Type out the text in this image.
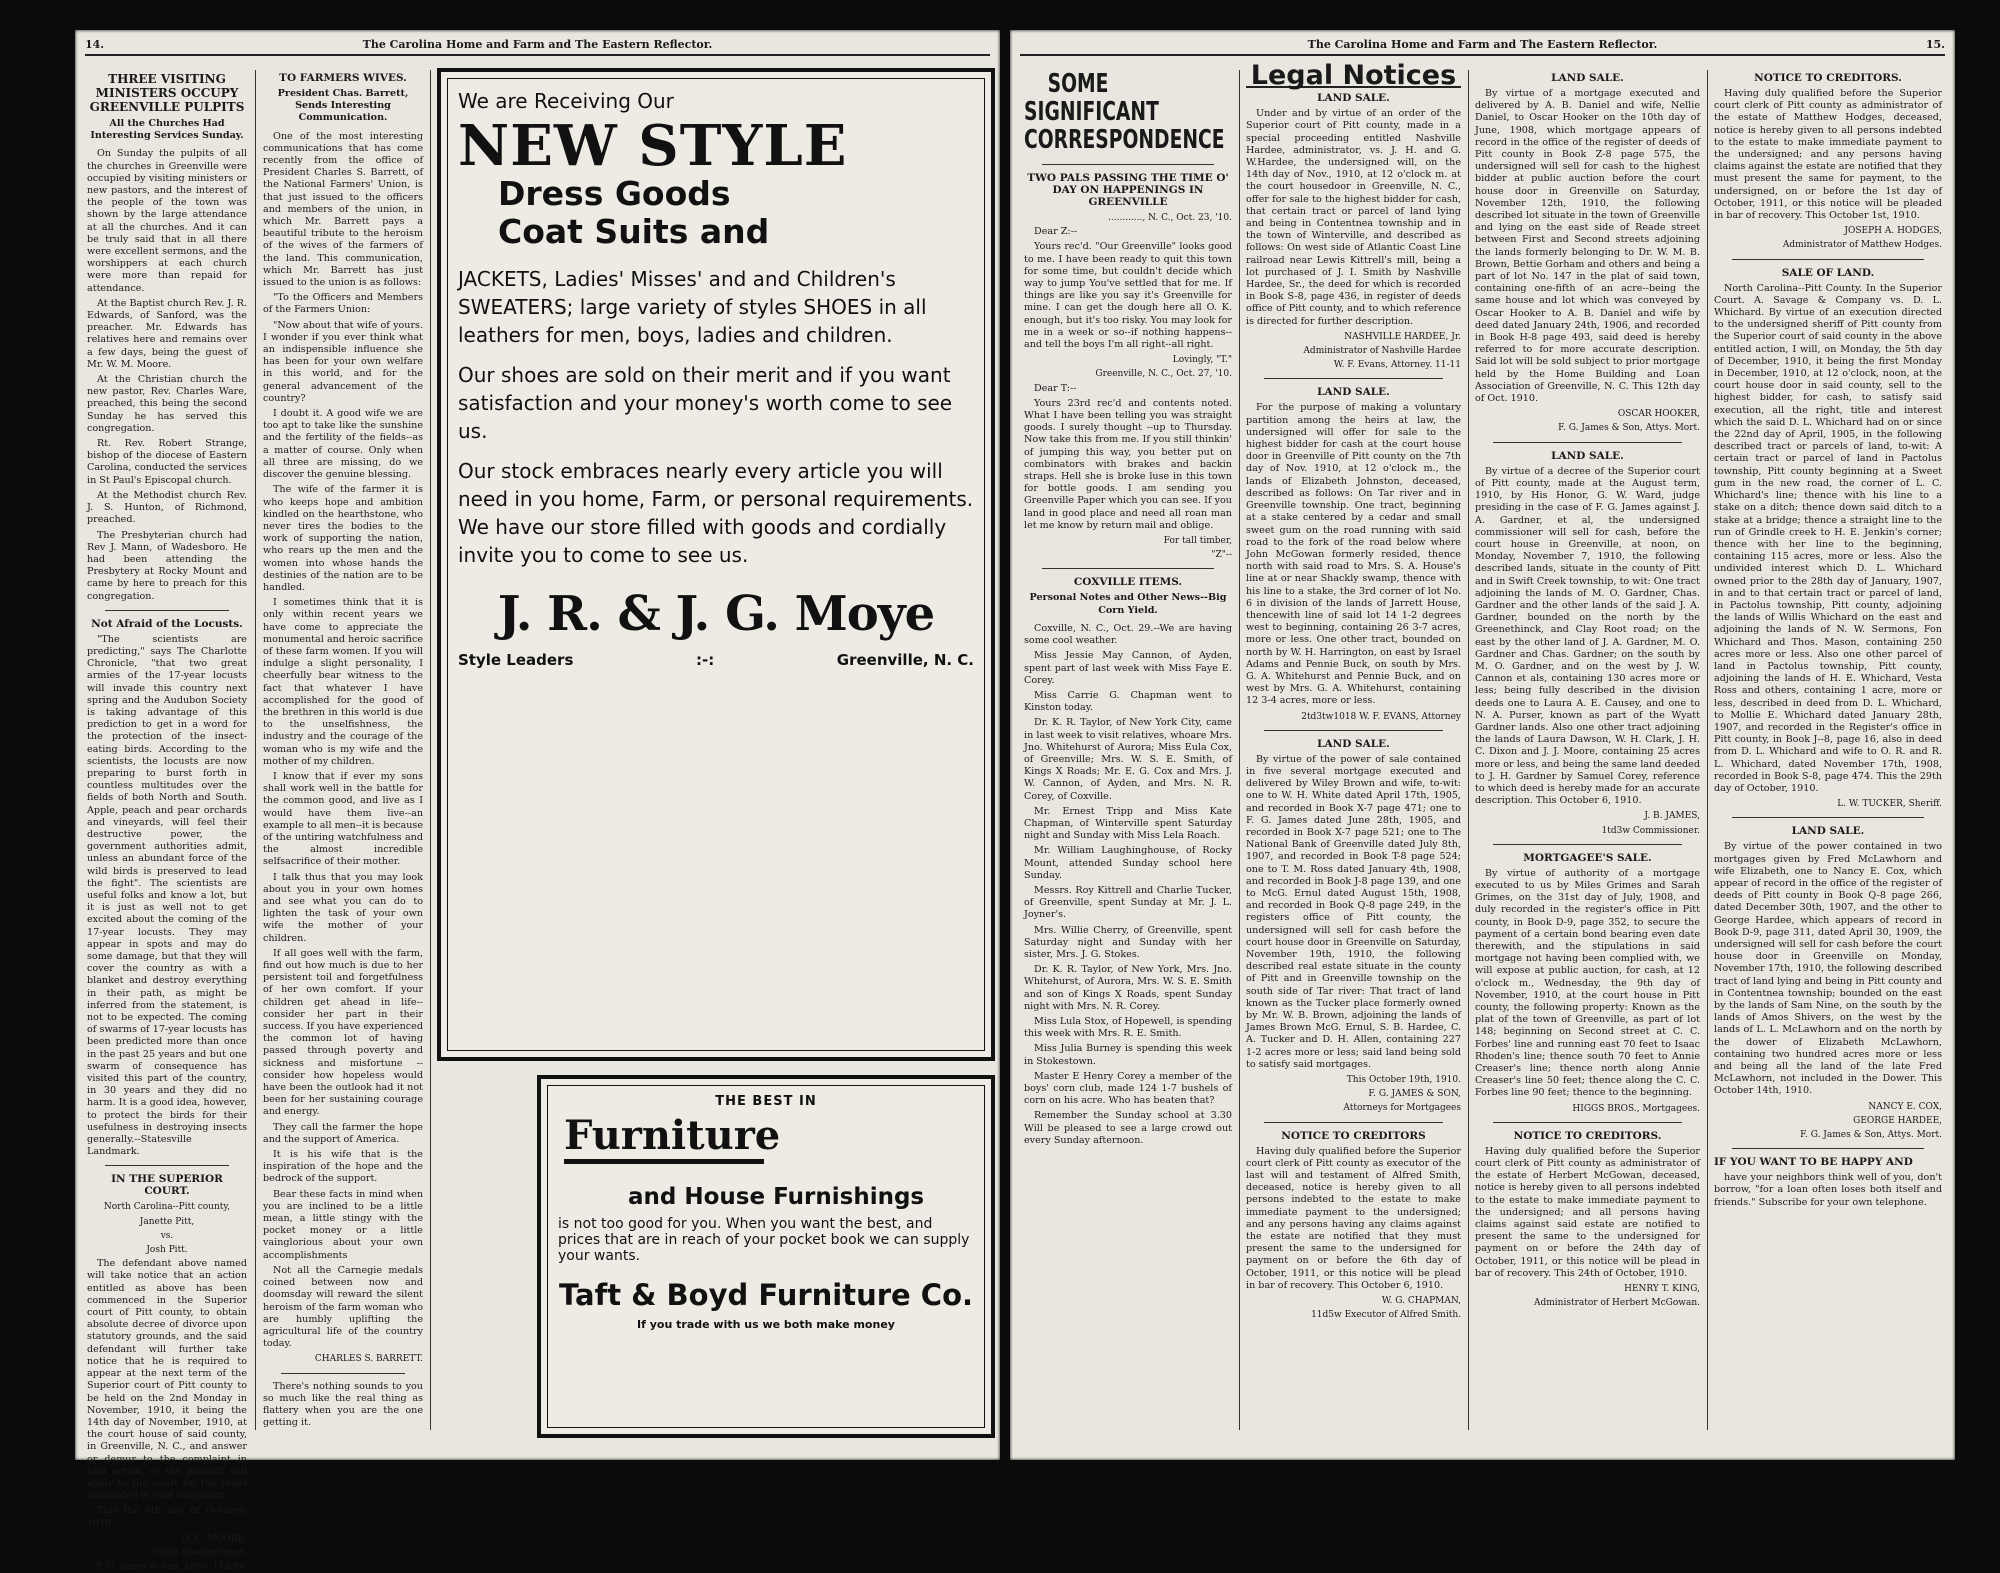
14.	The Carolina Home and Farm and The Eastern Reflector.
THREE VISITING MINISTERS OCCUPY GREENVILLE PULPITS
All the Churches Had Interesting Services Sunday.

On Sunday the pulpits of all the churches in Greenville were occupied by visiting ministers or new pastors, and the interest of the people of the town was shown by the large attendance at all the churches. And it can be truly said that in all there were excellent sermons, and the worshippers at each church were more than repaid for attendance.

At the Baptist church Rev. J. R. Edwards, of Sanford, was the preacher. Mr. Edwards has relatives here and remains over a few days, being the guest of Mr. W. M. Moore.

At the Christian church the new pastor, Rev. Charles Ware, preached, this being the second Sunday he has served this congregation.

Rt. Rev. Robert Strange, bishop of the diocese of Eastern Carolina, conducted the services in St Paul's Episcopal church.

At the Methodist church Rev. J. S. Hunton, of Richmond, preached.

The Presbyterian church had Rev J. Mann, of Wadesboro. He had been attending the Presbytery at Rocky Mount and came by here to preach for this congregation.

Not Afraid of the Locusts.

"The scientists are predicting," says The Charlotte Chronicle, "that two great armies of the 17-year locusts will invade this country next spring and the Audubon Society is taking advantage of this prediction to get in a word for the protection of the insect-eating birds. According to the scientists, the locusts are now preparing to burst forth in countless multitudes over the fields of both North and South. Apple, peach and pear orchards and vineyards, will feel their destructive power, the government authorities admit, unless an abundant force of the wild birds is preserved to lead the fight". The scientists are useful folks and know a lot, but it is just as well not to get excited about the coming of the 17-year locusts. They may appear in spots and may do some damage, but that they will cover the country as with a blanket and destroy everything in their path, as might be inferred from the statement, is not to be expected. The coming of swarms of 17-year locusts has been predicted more than once in the past 25 years and but one swarm of consequence has visited this part of the country, in 30 years and they did no harm. It is a good idea, however, to protect the birds for their usefulness in destroying insects generally.--Statesville Landmark.

IN THE SUPERIOR COURT.
North Carolina--Pitt county,
Janette Pitt,
vs.
Josh Pitt.

The defendant above named will take notice that an action entitled as above has been commenced in the Superior court of Pitt county, to obtain absolute decree of divorce upon statutory grounds, and the said defendant will further take notice that he is required to appear at the next term of the Superior court of Pitt county to be held on the 2nd Monday in November, 1910, it being the 14th day of November, 1910, at the court house of said county, in Greenville, N. C., and answer or demur to the complaint in said action, or the plaintiff will apply to the court for the relief demanded in said complaint.

This the 8th day of October, 1910.

D. C. MOORE,
Clerk Sperior Court.
F. G. James & Son, Attys. 11d3tw
TO FARMERS WIVES.
President Chas. Barrett, Sends Interesting Communication.

One of the most interesting communications that has come recently from the office of President Charles S. Barrett, of the National Farmers' Union, is that just issued to the officers and members of the union, in which Mr. Barrett pays a beautiful tribute to the heroism of the wives of the farmers of the land. This communication, which Mr. Barrett has just issued to the union is as follows:

"To the Officers and Members of the Farmers Union:

"Now about that wife of yours. I wonder if you ever think what an indispensible influence she has been for your own welfare in this world, and for the general advancement of the country?

I doubt it. A good wife we are too apt to take like the sunshine and the fertility of the fields--as a matter of course. Only when all three are missing, do we discover the genuine blessing.

The wife of the farmer it is who keeps hope and ambition kindled on the hearthstone, who never tires the bodies to the work of supporting the nation, who rears up the men and the women into whose hands the destinies of the nation are to be handled.

I sometimes think that it is only within recent years we have come to appreciate the monumental and heroic sacrifice of these farm women. If you will indulge a slight personality, I cheerfully bear witness to the fact that whatever I have accomplished for the good of the brethren in this world is due to the unselfishness, the industry and the courage of the woman who is my wife and the mother of my children.

I know that if ever my sons shall work well in the battle for the common good, and live as I would have them live--an example to all men--it is because of the untiring watchfulness and the almost incredible selfsacrifice of their mother.

I talk thus that you may look about you in your own homes and see what you can do to lighten the task of your own wife the mother of your children.

If all goes well with the farm, find out how much is due to her persistent toil and forgetfulness of her own comfort. If your children get ahead in life--consider her part in their success. If you have experienced the common lot of having passed through poverty and sickness and misfortune --consider how hopeless would have been the outlook had it not been for her sustaining courage and energy.

They call the farmer the hope and the support of America.

It is his wife that is the inspiration of the hope and the bedrock of the support.

Bear these facts in mind when you are inclined to be a little mean, a little stingy with the pocket money or a little vainglorious about your own accomplishments

Not all the Carnegie medals coined between now and doomsday will reward the silent heroism of the farm woman who are humbly uplifting the agricultural life of the country today.

CHARLES S. BARRETT.

There's nothing sounds to you so much like the real thing as flattery when you are the one getting it.

We are Receiving Our
NEW STYLE
Dress Goods
Coat Suits and
JACKETS, Ladies' Misses' and and Children's SWEATERS; large variety of styles SHOES in all leathers for men, boys, ladies and children.
Our shoes are sold on their merit and if you want satisfaction and your money's worth come to see us.
Our stock embraces nearly every article you will need in you home, Farm, or personal requirements. We have our store filled with goods and cordially invite you to come to see us.
J. R. & J. G. Moye
Style Leaders	:-:	Greenville, N. C.
THE BEST IN
Furniture
and House Furnishings
is not too good for you. When you want the best, and prices that are in reach of your pocket book we can supply your wants.
Taft & Boyd Furniture Co.
If you trade with us we both make money
The Carolina Home and Farm and The Eastern Reflector.	15.
SOME SIGNIFICANT CORRESPONDENCE
TWO PALS PASSING THE TIME O' DAY ON HAPPENINGS IN GREENVILLE
............, N. C., Oct. 23, '10.

Dear Z:--

Yours rec'd. "Our Greenville" looks good to me. I have been ready to quit this town for some time, but couldn't decide which way to jump You've settled that for me. If things are like you say it's Greenville for mine. I can get the dough here all O. K. enough, but it's too risky. You may look for me in a week or so--if nothing happens--and tell the boys I'm all right--all right.

Lovingly, "T."
Greenville, N. C., Oct. 27, '10.

Dear T:--

Yours 23rd rec'd and contents noted. What I have been telling you was straight goods. I surely thought --up to Thursday. Now take this from me. If you still thinkin' of jumping this way, you better put on combinators with brakes and backin straps. Hell she is broke luse in this town for bottle goods. I am sending you Greenville Paper which you can see. If you land in good place and need all roan man let me know by return mail and oblige.

For tall timber,
"Z"--
COXVILLE ITEMS.
Personal Notes and Other News--Big Corn Yield.

Coxville, N. C., Oct. 29.--We are having some cool weather.

Miss Jessie May Cannon, of Ayden, spent part of last week with Miss Faye E. Corey.

Miss Carrie G. Chapman went to Kinston today.

Dr. K. R. Taylor, of New York City, came in last week to visit relatives, whoare Mrs. Jno. Whitehurst of Aurora; Miss Eula Cox, of Greenville; Mrs. W. S. E. Smith, of Kings X Roads; Mr. E. G. Cox and Mrs. J. W. Cannon, of Ayden, and Mrs. N. R. Corey, of Coxville.

Mr. Ernest Tripp and Miss Kate Chapman, of Winterville spent Saturday night and Sunday with Miss Lela Roach.

Mr. William Laughinghouse, of Rocky Mount, attended Sunday school here Sunday.

Messrs. Roy Kittrell and Charlie Tucker, of Greenville, spent Sunday at Mr. J. L. Joyner's.

Mrs. Willie Cherry, of Greenville, spent Saturday night and Sunday with her sister, Mrs. J. G. Stokes.

Dr. K. R. Taylor, of New York, Mrs. Jno. Whitehurst, of Aurora, Mrs. W. S. E. Smith and son of Kings X Roads, spent Sunday night with Mrs. N. R. Corey.

Miss Lula Stox, of Hopewell, is spending this week with Mrs. R. E. Smith.

Miss Julia Burney is spending this week in Stokestown.

Master E Henry Corey a member of the boys' corn club, made 124 1-7 bushels of corn on his acre. Who has beaten that?

Remember the Sunday school at 3.30 Will be pleased to see a large crowd out every Sunday afternoon.

Legal Notices
LAND SALE.

Under and by virtue of an order of the Superior court of Pitt county, made in a special proceeding entitled Nashville Hardee, administrator, vs. J. H. and G. W.Hardee, the undersigned will, on the 14th day of Nov., 1910, at 12 o'clock m. at the court housedoor in Greenville, N. C., offer for sale to the highest bidder for cash, that certain tract or parcel of land lying and being in Contentnea township and in the town of Winterville, and described as follows: On west side of Atlantic Coast Line railroad near Lewis Kittrell's mill, being a lot purchased of J. I. Smith by Nashville Hardee, Sr., the deed for which is recorded in Book S-8, page 436, in register of deeds office of Pitt county, and to which reference is directed for further description.

NASHVILLE HARDEE, Jr.
Administrator of Nashville Hardee
W. F. Evans, Attorney. 11-11
LAND SALE.

For the purpose of making a voluntary partition among the heirs at law, the undersigned will offer for sale to the highest bidder for cash at the court house door in Greenville of Pitt county on the 7th day of Nov. 1910, at 12 o'clock m., the lands of Elizabeth Johnston, deceased, described as follows: On Tar river and in Greenville township. One tract, beginning at a stake centered by a cedar and small sweet gum on the road running with said road to the fork of the road below where John McGowan formerly resided, thence north with said road to Mrs. S. A. House's line at or near Shackly swamp, thence with his line to a stake, the 3rd corner of lot No. 6 in division of the lands of Jarrett House, thencewith line of said lot 14 1-2 degrees west to beginning, containing 26 3-7 acres, more or less. One other tract, bounded on north by W. H. Harrington, on east by Israel Adams and Pennie Buck, on south by Mrs. G. A. Whitehurst and Pennie Buck, and on west by Mrs. G. A. Whitehurst, containing 12 3-4 acres, more or less.

2td3tw1018 W. F. EVANS, Attorney
LAND SALE.

By virtue of the power of sale contained in five several mortgage executed and delivered by Wiley Brown and wife, to-wit: one to W. H. White dated April 17th, 1905, and recorded in Book X-7 page 471; one to F. G. James dated June 28th, 1905, and recorded in Book X-7 page 521; one to The National Bank of Greenville dated July 8th, 1907, and recorded in Book T-8 page 524; one to T. M. Ross dated January 4th, 1908, and recorded in Book J-8 page 139, and one to McG. Ernul dated August 15th, 1908, and recorded in Book Q-8 page 249, in the registers office of Pitt county, the undersigned will sell for cash before the court house door in Greenville on Saturday, November 19th, 1910, the following described real estate situate in the county of Pitt and in Greenville township on the south side of Tar river: That tract of land known as the Tucker place formerly owned by Mr. W. B. Brown, adjoining the lands of James Brown McG. Ernul, S. B. Hardee, C. A. Tucker and D. H. Allen, containing 227 1-2 acres more or less; said land being sold to satisfy said mortgages.

This October 19th, 1910.
F. G. JAMES & SON,
Attorneys for Mortgagees
NOTICE TO CREDITORS

Having duly qualified before the Superior court clerk of Pitt county as executor of the last will and testament of Alfred Smith, deceased, notice is hereby given to all persons indebted to the estate to make immediate payment to the undersigned; and any persons having any claims against the estate are notified that they must present the same to the undersigned for payment on or before the 6th day of October, 1911, or this notice will be plead in bar of recovery. This October 6, 1910.

W. G. CHAPMAN,
11d5w Executor of Alfred Smith.
LAND SALE.

By virtue of a mortgage executed and delivered by A. B. Daniel and wife, Nellie Daniel, to Oscar Hooker on the 10th day of June, 1908, which mortgage appears of record in the office of the register of deeds of Pitt county in Book Z-8 page 575, the undersigned will sell for cash to the highest bidder at public auction before the court house door in Greenville on Saturday, November 12th, 1910, the following described lot situate in the town of Greenville and lying on the east side of Reade street between First and Second streets adjoining the lands formerly belonging to Dr. W. M. B. Brown, Bettie Gorham and others and being a part of lot No. 147 in the plat of said town, containing one-fifth of an acre--being the same house and lot which was conveyed by Oscar Hooker to A. B. Daniel and wife by deed dated January 24th, 1906, and recorded in Book H-8 page 493, said deed is hereby referred to for more accurate description. Said lot will be sold subject to prior mortgage held by the Home Building and Loan Association of Greenville, N. C. This 12th day of Oct. 1910.

OSCAR HOOKER,
F. G. James & Son, Attys. Mort.
LAND SALE.

By virtue of a decree of the Superior court of Pitt county, made at the August term, 1910, by His Honor, G. W. Ward, judge presiding in the case of F. G. James against J. A. Gardner, et al, the undersigned commissioner will sell for cash, before the court house in Greenville, at noon, on Monday, November 7, 1910, the following described lands, situate in the county of Pitt and in Swift Creek township, to wit: One tract adjoining the lands of M. O. Gardner, Chas. Gardner and the other lands of the said J. A. Gardner, bounded on the north by the Greenethinck, and Clay Root road; on the east by the other land of J. A. Gardner, M. O. Gardner and Chas. Gardner; on the south by M. O. Gardner, and on the west by J. W. Cannon et als, containing 130 acres more or less; being fully described in the division deeds one to Laura A. E. Causey, and one to N. A. Purser, known as part of the Wyatt Gardner lands. Also one other tract adjoining the lands of Laura Dawson, W. H. Clark, J. H. C. Dixon and J. J. Moore, containing 25 acres more or less, and being the same land deeded to J. H. Gardner by Samuel Corey, reference to which deed is hereby made for an accurate description. This October 6, 1910.

J. B. JAMES,
1td3w Commissioner.
MORTGAGEE'S SALE.

By virtue of authority of a mortgage executed to us by Miles Grimes and Sarah Grimes, on the 31st day of July, 1908, and duly recorded in the register's office in Pitt county, in Book D-9, page 352, to secure the payment of a certain bond bearing even date therewith, and the stipulations in said mortgage not having been complied with, we will expose at public auction, for cash, at 12 o'clock m., Wednesday, the 9th day of November, 1910, at the court house in Pitt county, the following property: Known as the plat of the town of Greenville, as part of lot 148; beginning on Second street at C. C. Forbes' line and running east 70 feet to Isaac Rhoden's line; thence south 70 feet to Annie Creaser's line; thence north along Annie Creaser's line 50 feet; thence along the C. C. Forbes line 90 feet; thence to the beginning.

HIGGS BROS., Mortgagees.
NOTICE TO CREDITORS.

Having duly qualified before the Superior court clerk of Pitt county as administrator of the estate of Herbert McGowan, deceased, notice is hereby given to all persons indebted to the estate to make immediate payment to the undersigned; and all persons having claims against said estate are notified to present the same to the undersigned for payment on or before the 24th day of October, 1911, or this notice will be plead in bar of recovery. This 24th of October, 1910.

HENRY T. KING,
Administrator of Herbert McGowan.
NOTICE TO CREDITORS.

Having duly qualified before the Superior court clerk of Pitt county as administrator of the estate of Matthew Hodges, deceased, notice is hereby given to all persons indebted to the estate to make immediate payment to the undersigned; and any persons having claims against the estate are notified that they must present the same for payment, to the undersigned, on or before the 1st day of October, 1911, or this notice will be pleaded in bar of recovery. This October 1st, 1910.

JOSEPH A. HODGES,
Administrator of Matthew Hodges.
SALE OF LAND.

North Carolina--Pitt County. In the Superior Court. A. Savage & Company vs. D. L. Whichard. By virtue of an execution directed to the undersigned sheriff of Pitt county from the Superior court of said county in the above entitled action, I will, on Monday, the 5th day of December, 1910, it being the first Monday in December, 1910, at 12 o'clock, noon, at the court house door in said county, sell to the highest bidder, for cash, to satisfy said execution, all the right, title and interest which the said D. L. Whichard had on or since the 22nd day of April, 1905, in the following described tract or parcels of land, to-wit: A certain tract or parcel of land in Pactolus township, Pitt county beginning at a Sweet gum in the new road, the corner of L. C. Whichard's line; thence with his line to a stake on a ditch; thence down said ditch to a stake at a bridge; thence a straight line to the run of Grindle creek to H. E. Jenkin's corner; thence with her line to the beginning, containing 115 acres, more or less. Also the undivided interest which D. L. Whichard owned prior to the 28th day of January, 1907, in and to that certain tract or parcel of land, in Pactolus township, Pitt county, adjoining the lands of Willis Whichard on the east and adjoining the lands of N. W. Sermons, Fon Whichard and Thos. Mason, containing 250 acres more or less. Also one other parcel of land in Pactolus township, Pitt county, adjoining the lands of H. E. Whichard, Vesta Ross and others, containing 1 acre, more or less, described in deed from D. L. Whichard, to Mollie E. Whichard dated January 28th, 1907, and recorded in the Register's office in Pitt county, in Book J--8, page 16, also in deed from D. L. Whichard and wife to O. R. and R. L. Whichard, dated November 17th, 1908, recorded in Book S-8, page 474. This the 29th day of October, 1910.

L. W. TUCKER, Sheriff.
LAND SALE.

By virtue of the power contained in two mortgages given by Fred McLawhorn and wife Elizabeth, one to Nancy E. Cox, which appear of record in the office of the register of deeds of Pitt county in Book Q-8 page 266, dated December 30th, 1907, and the other to George Hardee, which appears of record in Book D-9, page 311, dated April 30, 1909, the undersigned will sell for cash before the court house door in Greenville on Monday, November 17th, 1910, the following described tract of land lying and being in Pitt county and in Contentnea township; bounded on the east by the lands of Sam Nine, on the south by the lands of Amos Shivers, on the west by the lands of L. L. McLawhorn and on the north by the dower of Elizabeth McLawhorn, containing two hundred acres more or less and being all the land of the late Fred McLawhorn, not included in the Dower. This October 14th, 1910.

NANCY E. COX,
GEORGE HARDEE,
F. G. James & Son, Attys. Mort.
IF YOU WANT TO BE HAPPY AND

have your neighbors think well of you, don't borrow, "for a loan often loses both itself and friends." Subscribe for your own telephone.
